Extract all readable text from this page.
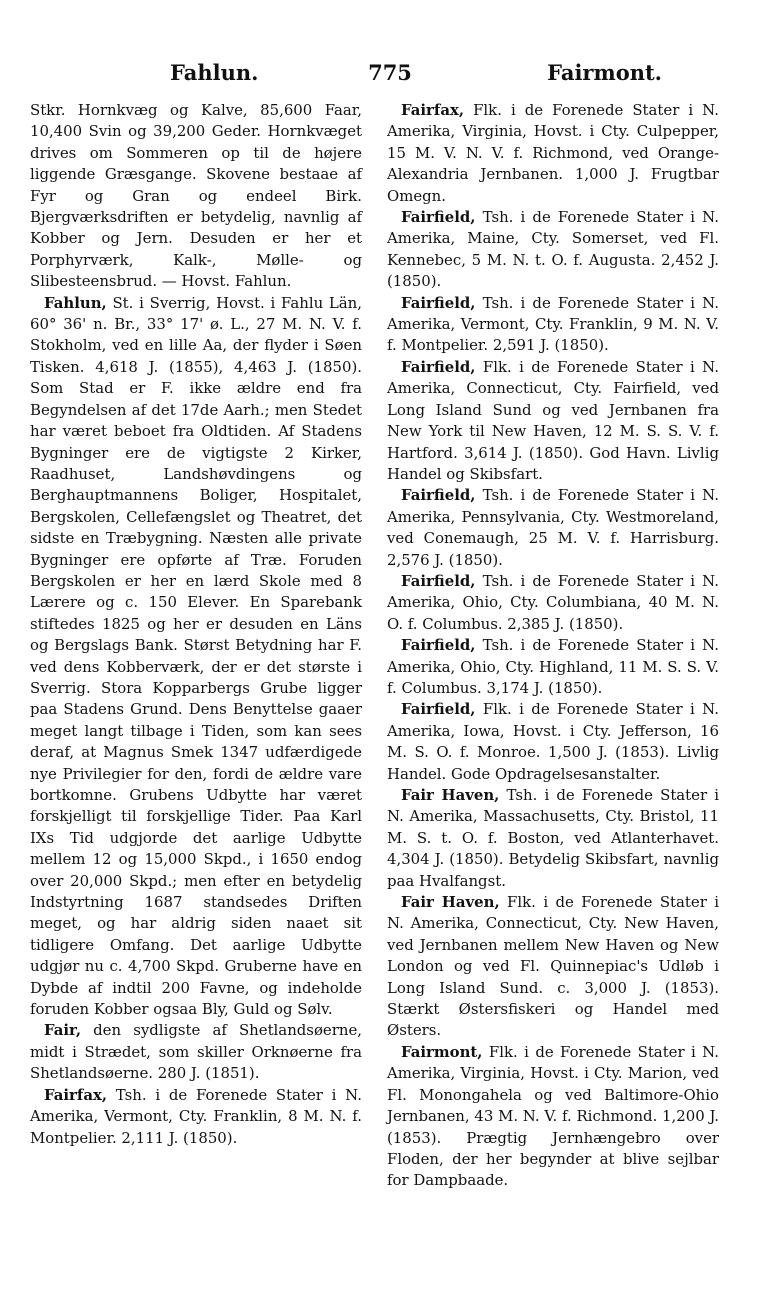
Fahlun.	775	Fairmont.

Stkr. Hornkvæg og Kalve, 85,600 Faar, 10,400 Svin og 39,200 Geder. Hornkvæget drives om Sommeren op til de højere liggende Græsgange. Skovene bestaae af Fyr og Gran og endeel Birk. Bjergværksdriften er betydelig, navnlig af Kobber og Jern. Desuden er her et Porphyrværk, Kalk-, Mølle- og Slibesteensbrud. — Hovst. Fahlun.

Fahlun, St. i Sverrig, Hovst. i Fahlu Län, 60° 36' n. Br., 33° 17' ø. L., 27 M. N. V. f. Stokholm, ved en lille Aa, der flyder i Søen Tisken. 4,618 J. (1855), 4,463 J. (1850). Som Stad er F. ikke ældre end fra Begyndelsen af det 17de Aarh.; men Stedet har været beboet fra Oldtiden. Af Stadens Bygninger ere de vigtigste 2 Kirker, Raadhuset, Landshøvdingens og Berghauptmannens Boliger, Hospitalet, Bergskolen, Cellefængslet og Theatret, det sidste en Træbygning. Næsten alle private Bygninger ere opførte af Træ. Foruden Bergskolen er her en lærd Skole med 8 Lærere og c. 150 Elever. En Sparebank stiftedes 1825 og her er desuden en Läns og Bergslags Bank. Størst Betydning har F. ved dens Kobberværk, der er det største i Sverrig. Stora Kopparbergs Grube ligger paa Stadens Grund. Dens Benyttelse gaaer meget langt tilbage i Tiden, som kan sees deraf, at Magnus Smek 1347 udfærdigede nye Privilegier for den, fordi de ældre vare bortkomne. Grubens Udbytte har været forskjelligt til forskjellige Tider. Paa Karl IXs Tid udgjorde det aarlige Udbytte mellem 12 og 15,000 Skpd., i 1650 endog over 20,000 Skpd.; men efter en betydelig Indstyrtning 1687 standsedes Driften meget, og har aldrig siden naaet sit tidligere Omfang. Det aarlige Udbytte udgjør nu c. 4,700 Skpd. Gruberne have en Dybde af indtil 200 Favne, og indeholde foruden Kobber ogsaa Bly, Guld og Sølv.

Fair, den sydligste af Shetlandsøerne, midt i Strædet, som skiller Orknøerne fra Shetlandsøerne. 280 J. (1851).

Fairfax, Tsh. i de Forenede Stater i N. Amerika, Vermont, Cty. Franklin, 8 M. N. f. Montpelier. 2,111 J. (1850).

Fairfax, Flk. i de Forenede Stater i N. Amerika, Virginia, Hovst. i Cty. Culpepper, 15 M. V. N. V. f. Richmond, ved Orange-Alexandria Jernbanen. 1,000 J. Frugtbar Omegn.

Fairfield, Tsh. i de Forenede Stater i N. Amerika, Maine, Cty. Somerset, ved Fl. Kennebec, 5 M. N. t. O. f. Augusta. 2,452 J. (1850).

Fairfield, Tsh. i de Forenede Stater i N. Amerika, Vermont, Cty. Franklin, 9 M. N. V. f. Montpelier. 2,591 J. (1850).

Fairfield, Flk. i de Forenede Stater i N. Amerika, Connecticut, Cty. Fairfield, ved Long Island Sund og ved Jernbanen fra New York til New Haven, 12 M. S. S. V. f. Hartford. 3,614 J. (1850). God Havn. Livlig Handel og Skibsfart.

Fairfield, Tsh. i de Forenede Stater i N. Amerika, Pennsylvania, Cty. Westmoreland, ved Conemaugh, 25 M. V. f. Harrisburg. 2,576 J. (1850).

Fairfield, Tsh. i de Forenede Stater i N. Amerika, Ohio, Cty. Columbiana, 40 M. N. O. f. Columbus. 2,385 J. (1850).

Fairfield, Tsh. i de Forenede Stater i N. Amerika, Ohio, Cty. Highland, 11 M. S. S. V. f. Columbus. 3,174 J. (1850).

Fairfield, Flk. i de Forenede Stater i N. Amerika, Iowa, Hovst. i Cty. Jefferson, 16 M. S. O. f. Monroe. 1,500 J. (1853). Livlig Handel. Gode Opdragelsesanstalter.

Fair Haven, Tsh. i de Forenede Stater i N. Amerika, Massachusetts, Cty. Bristol, 11 M. S. t. O. f. Boston, ved Atlanterhavet. 4,304 J. (1850). Betydelig Skibsfart, navnlig paa Hvalfangst.

Fair Haven, Flk. i de Forenede Stater i N. Amerika, Connecticut, Cty. New Haven, ved Jernbanen mellem New Haven og New London og ved Fl. Quinnepiac's Udløb i Long Island Sund. c. 3,000 J. (1853). Stærkt Østersfiskeri og Handel med Østers.

Fairmont, Flk. i de Forenede Stater i N. Amerika, Virginia, Hovst. i Cty. Marion, ved Fl. Monongahela og ved Baltimore-Ohio Jernbanen, 43 M. N. V. f. Richmond. 1,200 J. (1853). Prægtig Jernhængebro over Floden, der her begynder at blive sejlbar for Dampbaade.
